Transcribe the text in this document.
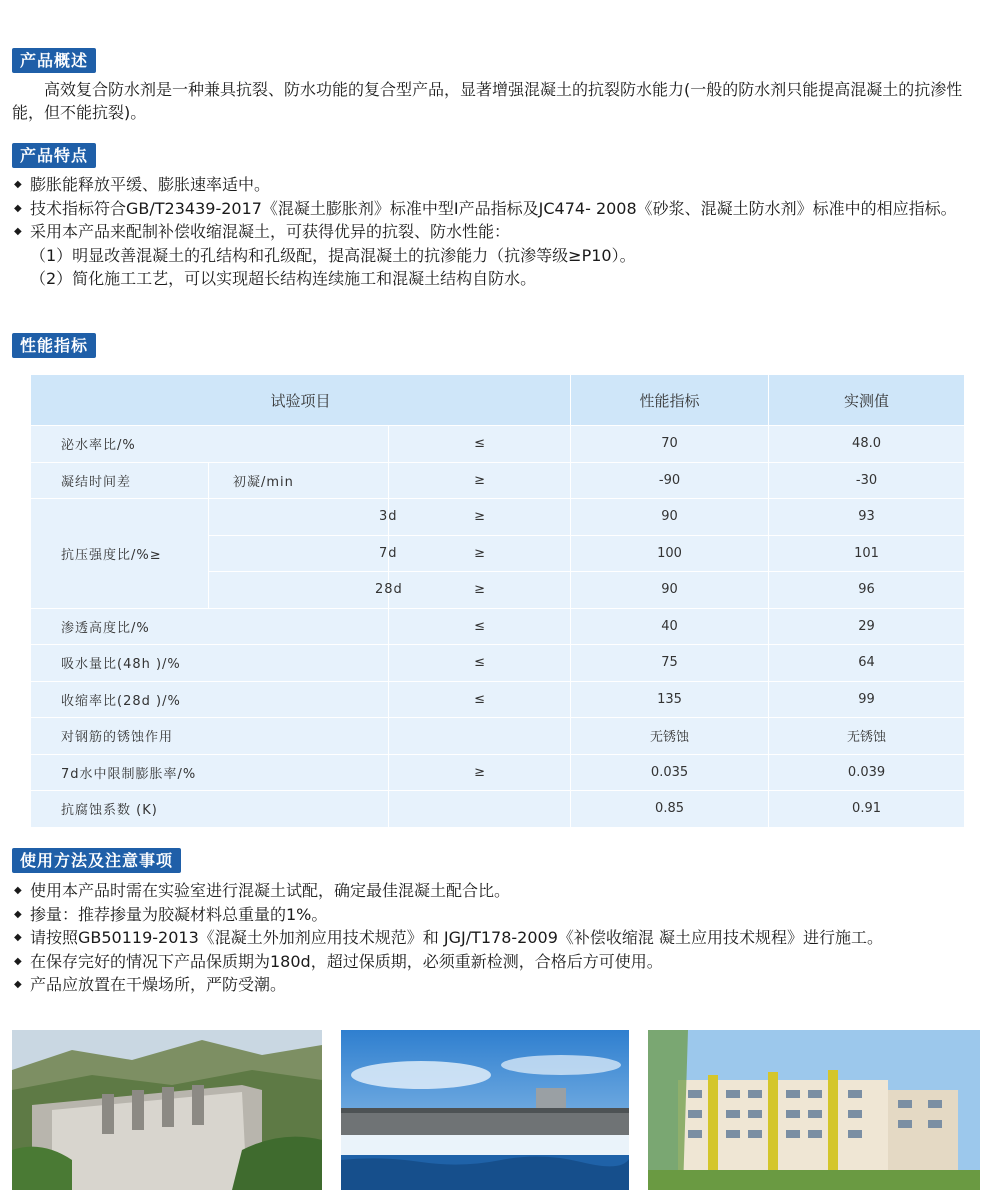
产品概述
高效复合防水剂是一种兼具抗裂、防水功能的复合型产品，显著增强混凝土的抗裂防水能力(一般的防水剂只能提高混凝土的抗渗性能，但不能抗裂)。
产品特点
◆ 膨胀能释放平缓、膨胀速率适中。
◆ 技术指标符合GB/T23439-2017《混凝土膨胀剂》标准中型Ⅰ产品指标及JC474- 2008《砂浆、混凝土防水剂》标准中的相应指标。
◆ 采用本产品来配制补偿收缩混凝土，可获得优异的抗裂、防水性能：
（1）明显改善混凝土的孔结构和孔级配，提高混凝土的抗渗能力（抗渗等级≥P10）。
（2）简化施工工艺，可以实现超长结构连续施工和混凝土结构自防水。
性能指标
试验项目			性能指标	实测值
泌水率比/%		≤	70	48.0
凝结时间差	初凝/min	≥	-90	-30
抗压强度比/%≥	3d	≥	90	93
	7d	≥	100	101
	28d	≥	90	96
渗透高度比/%		≤	40	29
吸水量比(48h )/%		≤	75	64
收缩率比(28d )/%		≤	135	99
对钢筋的锈蚀作用			无锈蚀	无锈蚀
7d水中限制膨胀率/%		≥	0.035	0.039
抗腐蚀系数 (K)			0.85	0.91
使用方法及注意事项
◆ 使用本产品时需在实验室进行混凝土试配，确定最佳混凝土配合比。
◆ 掺量：推荐掺量为胶凝材料总重量的1%。
◆ 请按照GB50119-2013《混凝土外加剂应用技术规范》和 JGJ/T178-2009《补偿收缩混 凝土应用技术规程》进行施工。
◆ 在保存完好的情况下产品保质期为180d，超过保质期，必须重新检测，合格后方可使用。
◆ 产品应放置在干燥场所，严防受潮。
